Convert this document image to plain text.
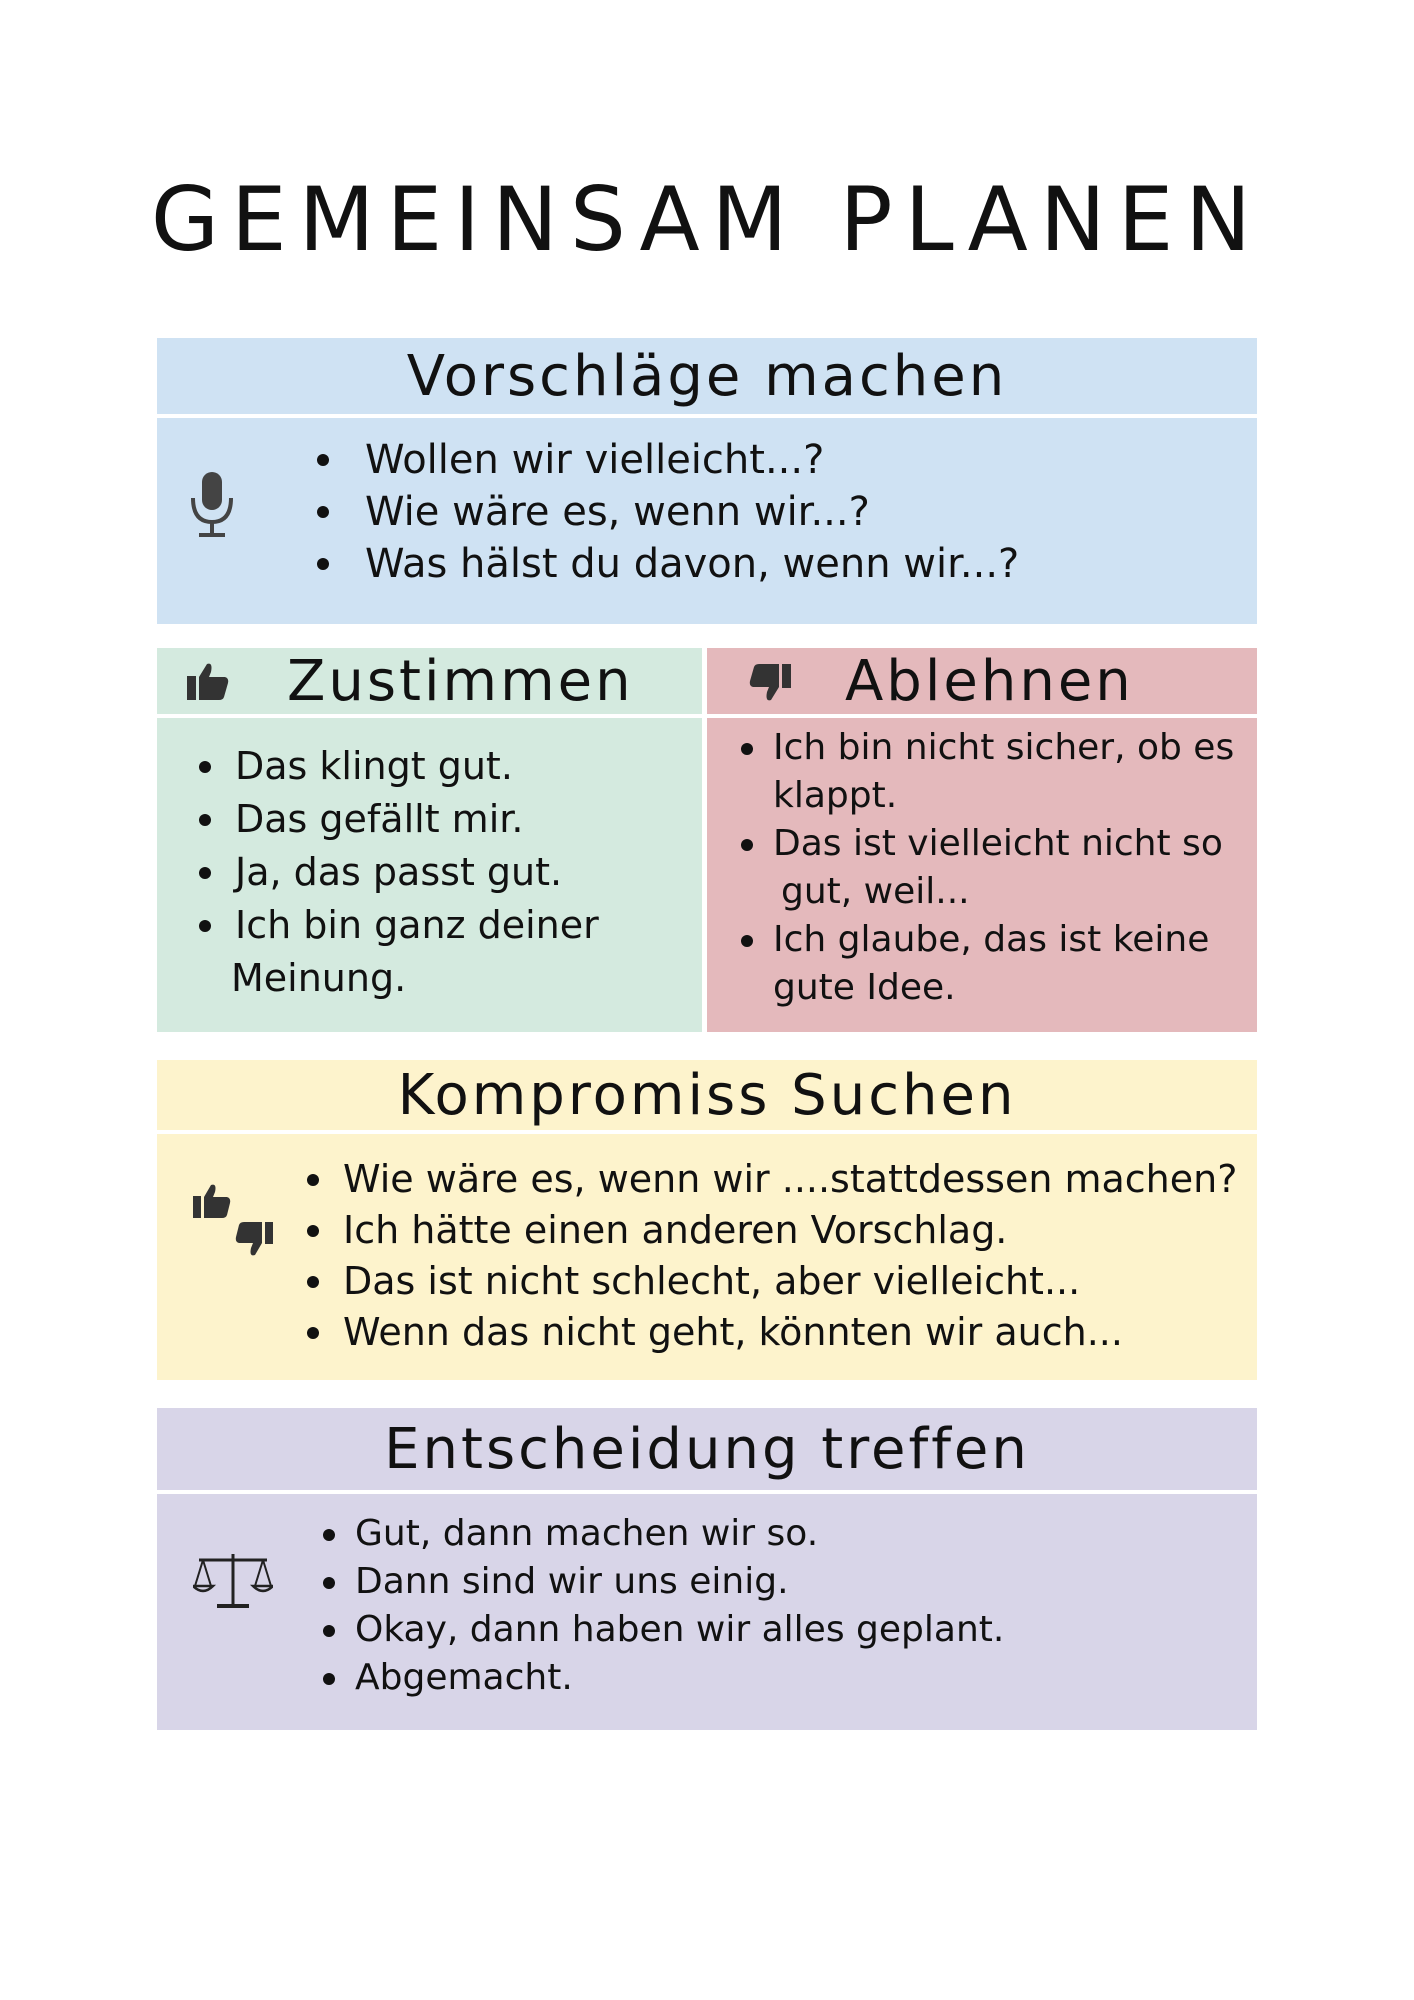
GEMEINSAM PLANEN
Vorschläge machen
Wollen wir vielleicht...?
Wie wäre es, wenn wir...?
Was hälst du davon, wenn wir...?
Zustimmen
Das klingt gut.
Das gefällt mir.
Ja, das passt gut.
Ich bin ganz deiner
Meinung.
Ablehnen
Ich bin nicht sicher, ob es
klappt.
Das ist vielleicht nicht so
gut, weil...
Ich glaube, das ist keine
gute Idee.
Kompromiss Suchen
Wie wäre es, wenn wir ....stattdessen machen?
Ich hätte einen anderen Vorschlag.
Das ist nicht schlecht, aber vielleicht...
Wenn das nicht geht, könnten wir auch...
Entscheidung treffen
Gut, dann machen wir so.
Dann sind wir uns einig.
Okay, dann haben wir alles geplant.
Abgemacht.
